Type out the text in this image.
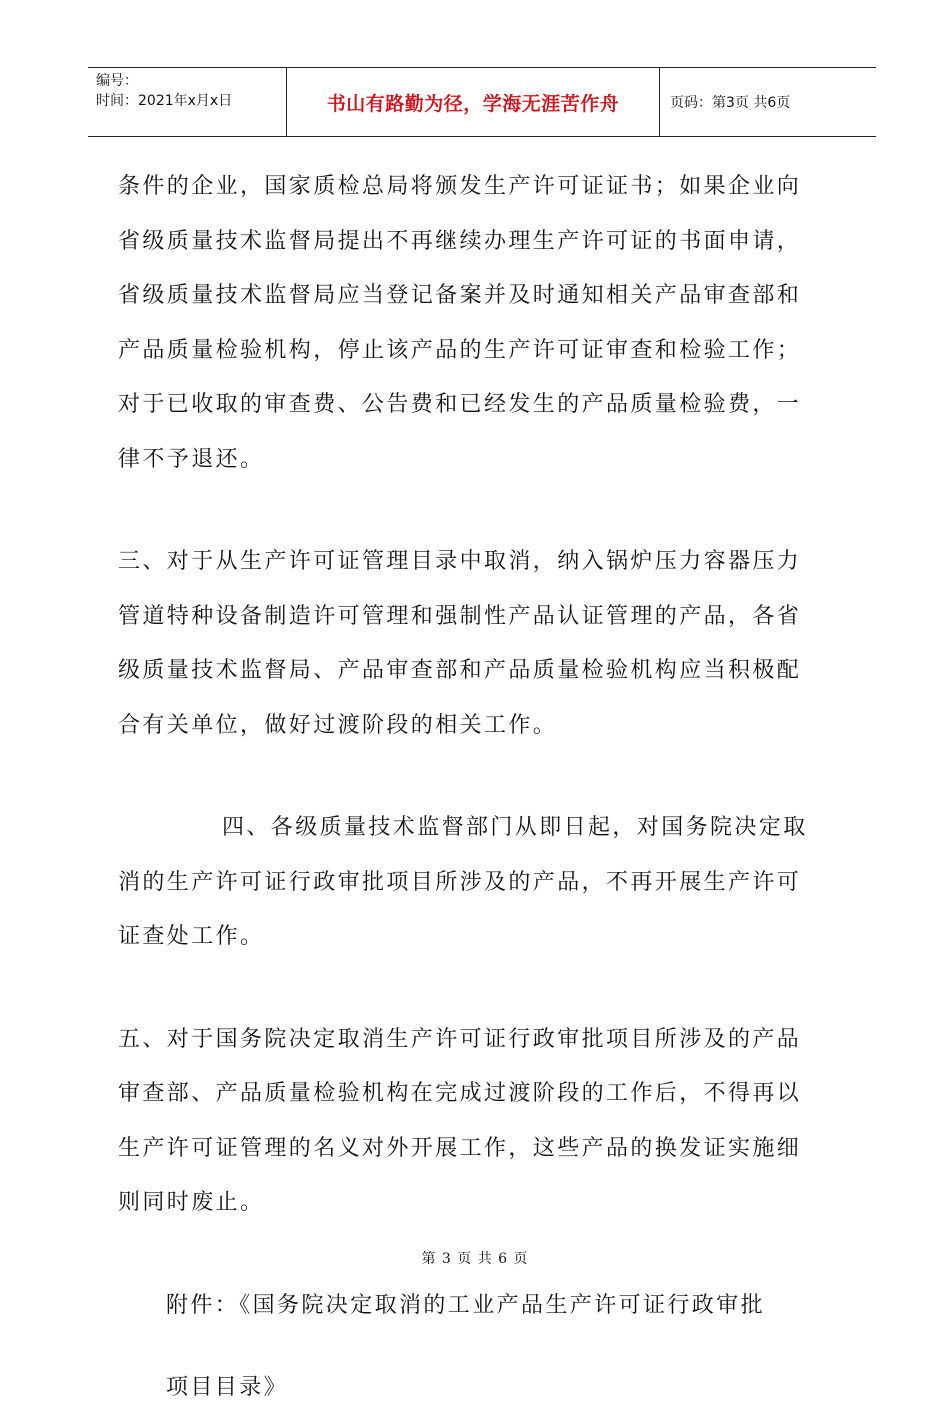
编号：
时间：2021年x月x日	书山有路勤为径，学海无涯苦作舟	页码：第3页 共6页
条件的企业，国家质检总局将颁发生产许可证证书；如果企业向
省级质量技术监督局提出不再继续办理生产许可证的书面申请，
省级质量技术监督局应当登记备案并及时通知相关产品审查部和
产品质量检验机构，停止该产品的生产许可证审查和检验工作；
对于已收取的审查费、公告费和已经发生的产品质量检验费，一
律不予退还。
三、对于从生产许可证管理目录中取消，纳入锅炉压力容器压力
管道特种设备制造许可管理和强制性产品认证管理的产品，各省
级质量技术监督局、产品审查部和产品质量检验机构应当积极配
合有关单位，做好过渡阶段的相关工作。
四、各级质量技术监督部门从即日起，对国务院决定取
消的生产许可证行政审批项目所涉及的产品，不再开展生产许可
证查处工作。
五、对于国务院决定取消生产许可证行政审批项目所涉及的产品
审查部、产品质量检验机构在完成过渡阶段的工作后，不得再以
生产许可证管理的名义对外开展工作，这些产品的换发证实施细
则同时废止。
附件：《国务院决定取消的工业产品生产许可证行政审批
项目目录》
第 3 页 共 6 页
